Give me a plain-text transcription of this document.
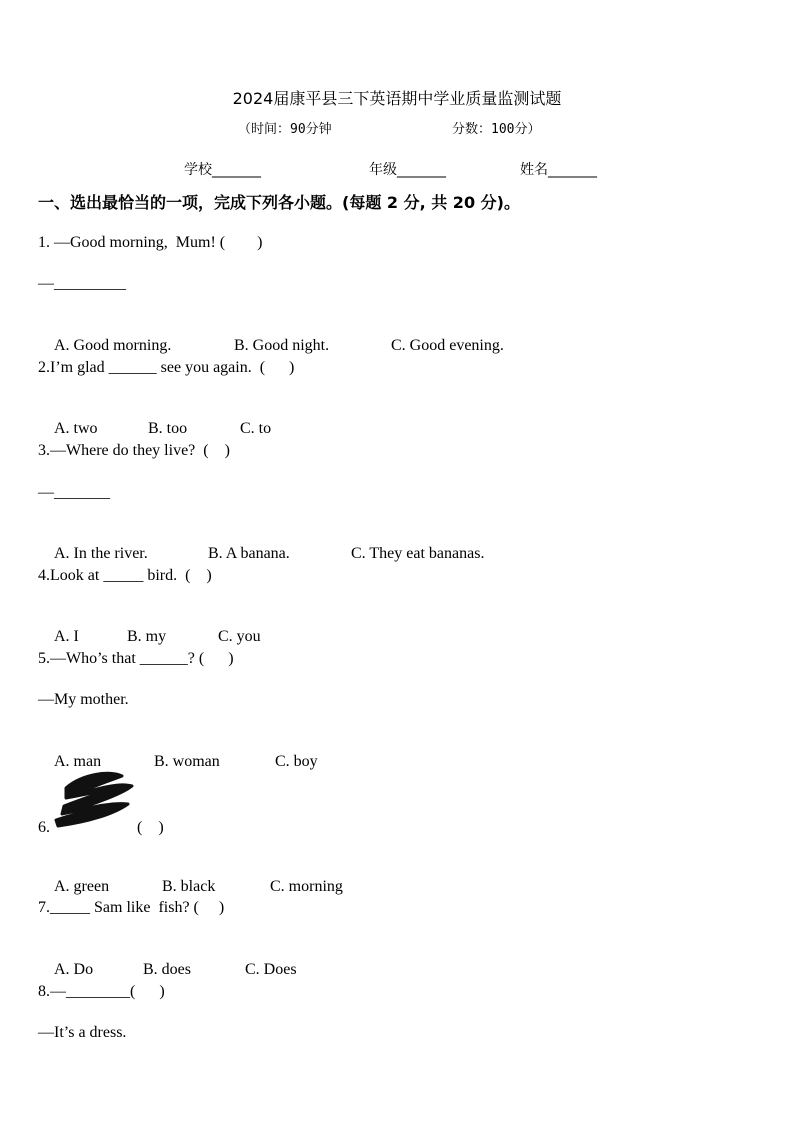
2024届康平县三下英语期中学业质量监测试题
（时间：90分钟	分数：100分）
学校_______	年级_______	姓名_______
一、选出最恰当的一项，完成下列各小题。(每题 2 分, 共 20 分)。
1. —Good morning,  Mum! (        )
—_________

A. Good morning.	B. Good night.	C. Good evening.

2.I’m glad ______ see you again.  (      )

A. two	B. too	C. to

3.—Where do they live?  (    )
—_______

A. In the river.	B. A banana.	C. They eat bananas.

4.Look at _____ bird.  (    )

A. I	B. my	C. you

5.—Who’s that ______? (      )
—My mother.

A. man	B. woman	C. boy

6.	(    )

A. green	B. black	C. morning

7._____ Sam like  fish? (     )

A. Do	B. does	C. Does

8.—________(      )
—It’s a dress.
